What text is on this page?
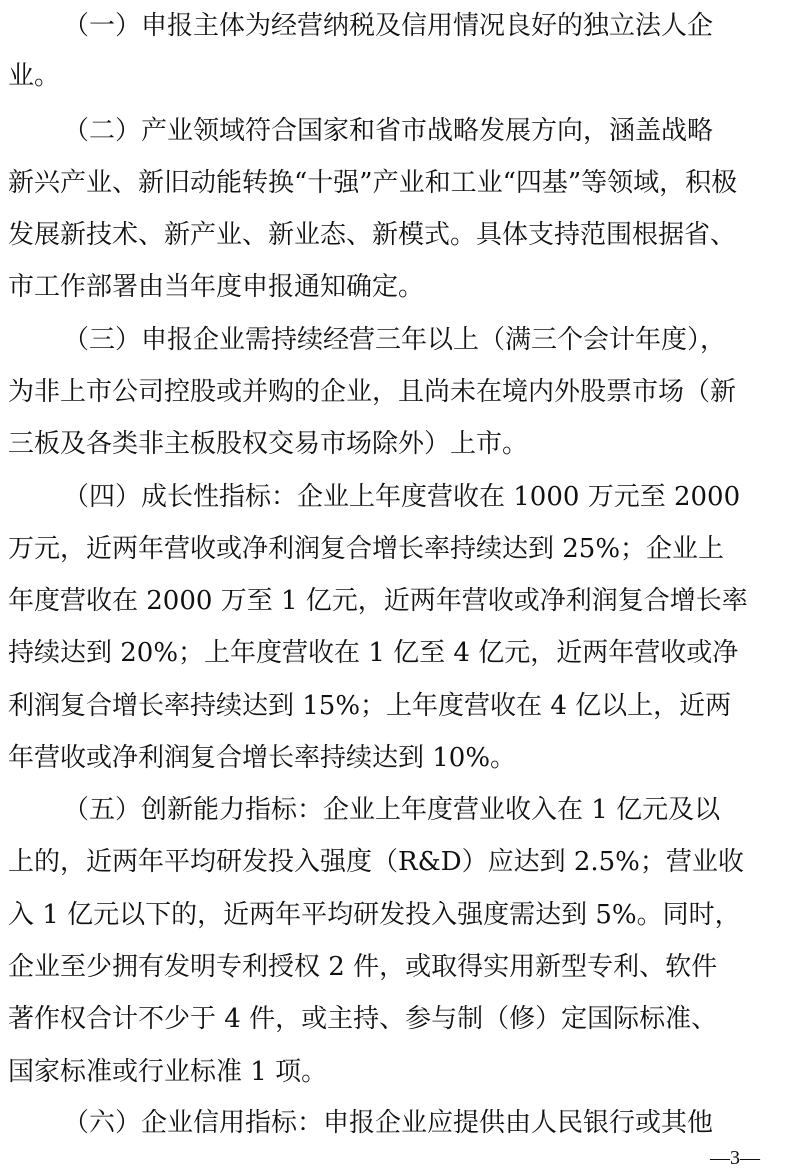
（一）申报主体为经营纳税及信用情况良好的独立法人企

业。

（二）产业领域符合国家和省市战略发展方向，涵盖战略

新兴产业、新旧动能转换“十强”产业和工业“四基”等领域，积极

发展新技术、新产业、新业态、新模式。具体支持范围根据省、

市工作部署由当年度申报通知确定。

（三）申报企业需持续经营三年以上（满三个会计年度），

为非上市公司控股或并购的企业，且尚未在境内外股票市场（新

三板及各类非主板股权交易市场除外）上市。

（四）成长性指标：企业上年度营收在 1000 万元至 2000

万元，近两年营收或净利润复合增长率持续达到 25%；企业上

年度营收在 2000 万至 1 亿元，近两年营收或净利润复合增长率

持续达到 20%；上年度营收在 1 亿至 4 亿元，近两年营收或净

利润复合增长率持续达到 15%；上年度营收在 4 亿以上，近两

年营收或净利润复合增长率持续达到 10%。

（五）创新能力指标：企业上年度营业收入在 1 亿元及以

上的，近两年平均研发投入强度（R&D）应达到 2.5%；营业收

入 1 亿元以下的，近两年平均研发投入强度需达到 5%。同时，

企业至少拥有发明专利授权 2 件，或取得实用新型专利、软件

著作权合计不少于 4 件，或主持、参与制（修）定国际标准、

国家标准或行业标准 1 项。

（六）企业信用指标：申报企业应提供由人民银行或其他

—3—
